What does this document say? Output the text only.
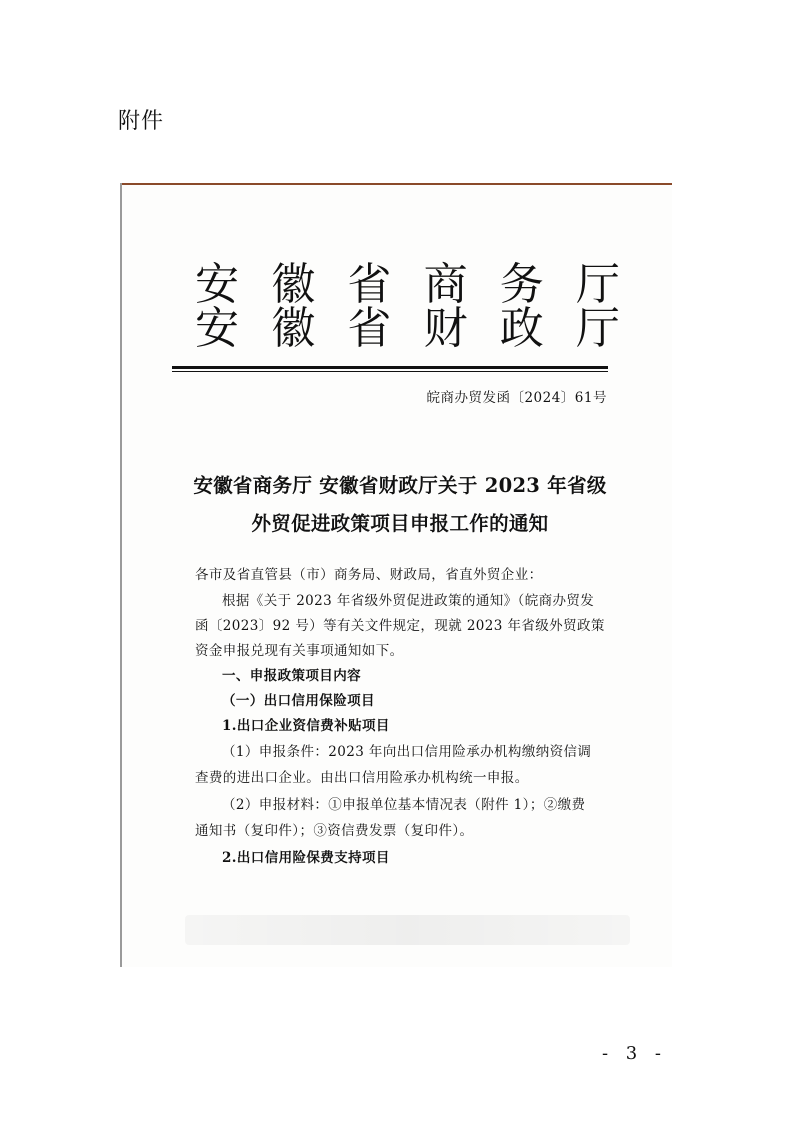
附件
安 徽 省 商 务 厅
安 徽 省 财 政 厅
皖商办贸发函〔2024〕61号
安徽省商务厅 安徽省财政厅关于 2023 年省级
外贸促进政策项目申报工作的通知
各市及省直管县（市）商务局、财政局，省直外贸企业：
根据《关于 2023 年省级外贸促进政策的通知》（皖商办贸发
函〔2023〕92 号）等有关文件规定，现就 2023 年省级外贸政策
资金申报兑现有关事项通知如下。
一、申报政策项目内容
（一）出口信用保险项目
1.出口企业资信费补贴项目
（1）申报条件：2023 年向出口信用险承办机构缴纳资信调
查费的进出口企业。由出口信用险承办机构统一申报。
（2）申报材料：①申报单位基本情况表（附件 1）；②缴费
通知书（复印件）；③资信费发票（复印件）。
2.出口信用险保费支持项目
- 3 -
